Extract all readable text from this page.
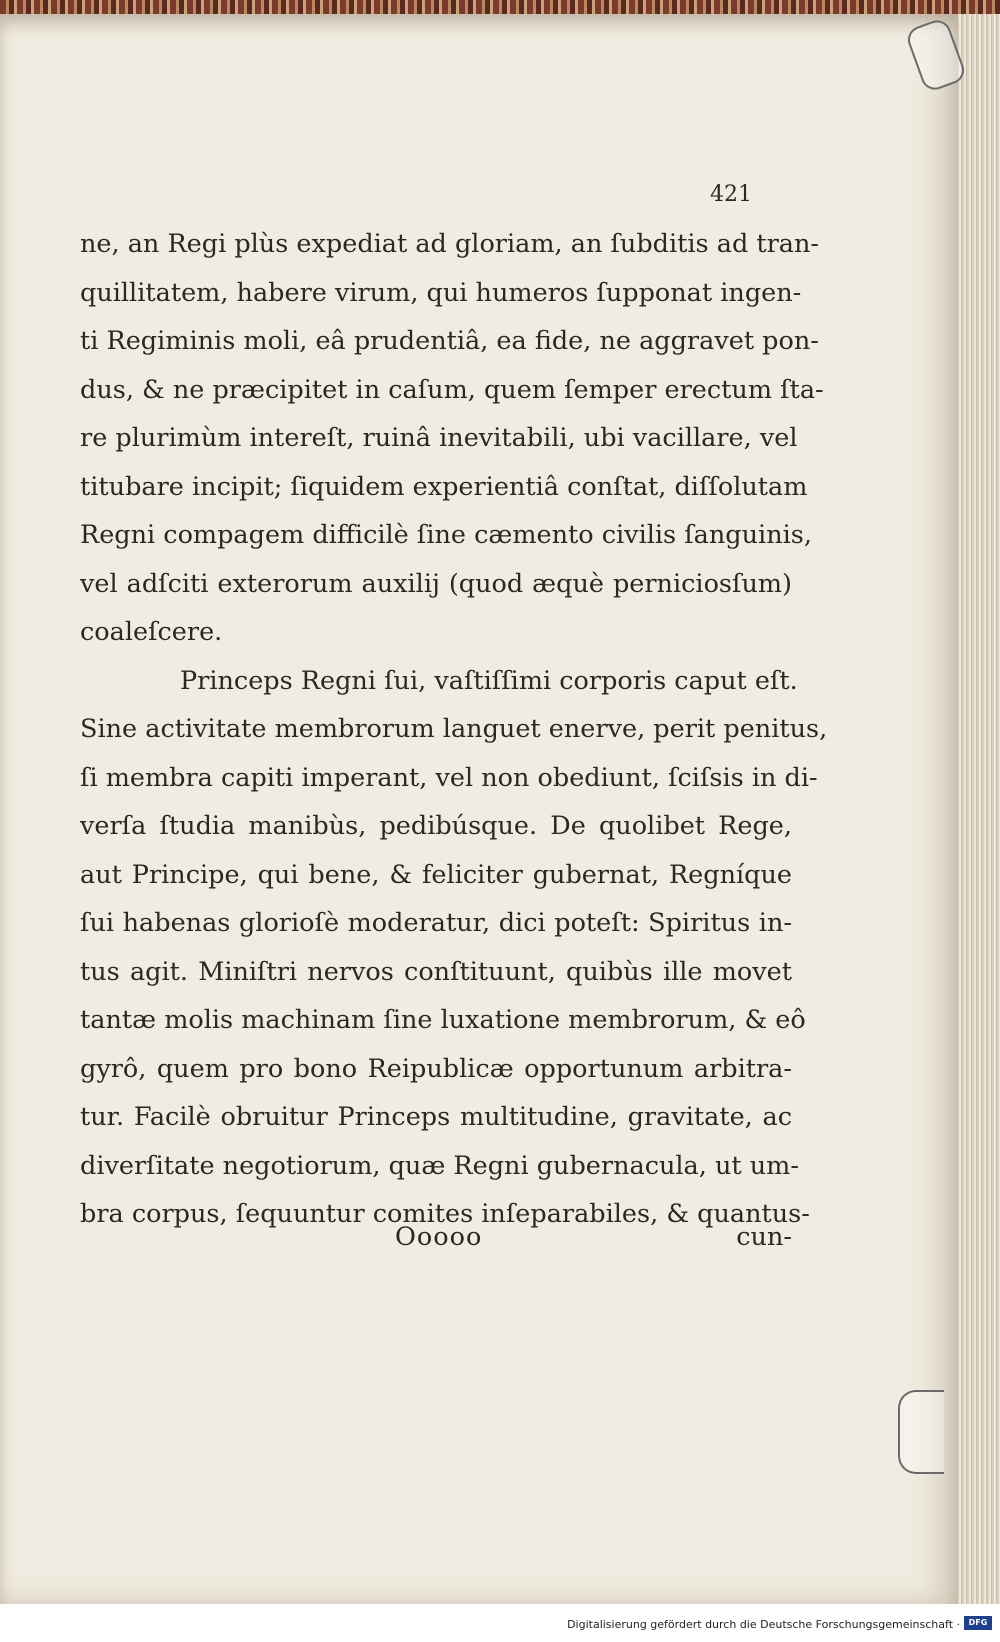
421
ne, an Regi plùs expediat ad gloriam, an ſubditis ad tran-
quillitatem, habere virum, qui humeros ſupponat ingen-
ti Regiminis moli, eâ prudentiâ, ea fide, ne aggravet pon-
dus, & ne præcipitet in caſum, quem ſemper erectum ſta-
re plurimùm intereſt, ruinâ inevitabili, ubi vacillare, vel
titubare incipit; ſiquidem experientiâ conſtat, diſſolutam
Regni compagem difficilè ſine cæmento civilis ſanguinis,
vel adſciti exterorum auxilij (quod æquè perniciosſum)
coaleſcere.
Princeps Regni ſui, vaſtiſſimi corporis caput eſt.
Sine activitate membrorum languet enerve, perit penitus,
ſi membra capiti imperant, vel non obediunt, ſciſsis in di-
verſa ſtudia manibùs, pedibúsque. De quolibet Rege,
aut Principe, qui bene, & feliciter gubernat, Regníque
ſui habenas glorioſè moderatur, dici poteſt: Spiritus in-
tus agit. Miniſtri nervos conſtituunt, quibùs ille movet
tantæ molis machinam ſine luxatione membrorum, & eô
gyrô, quem pro bono Reipublicæ opportunum arbitra-
tur. Facilè obruitur Princeps multitudine, gravitate, ac
diverſitate negotiorum, quæ Regni gubernacula, ut um-
bra corpus, ſequuntur comites inſeparabiles, & quantus-
Ooooo	cun-
Digitalisierung gefördert durch die Deutsche Forschungsgemeinschaft ·	DFG
